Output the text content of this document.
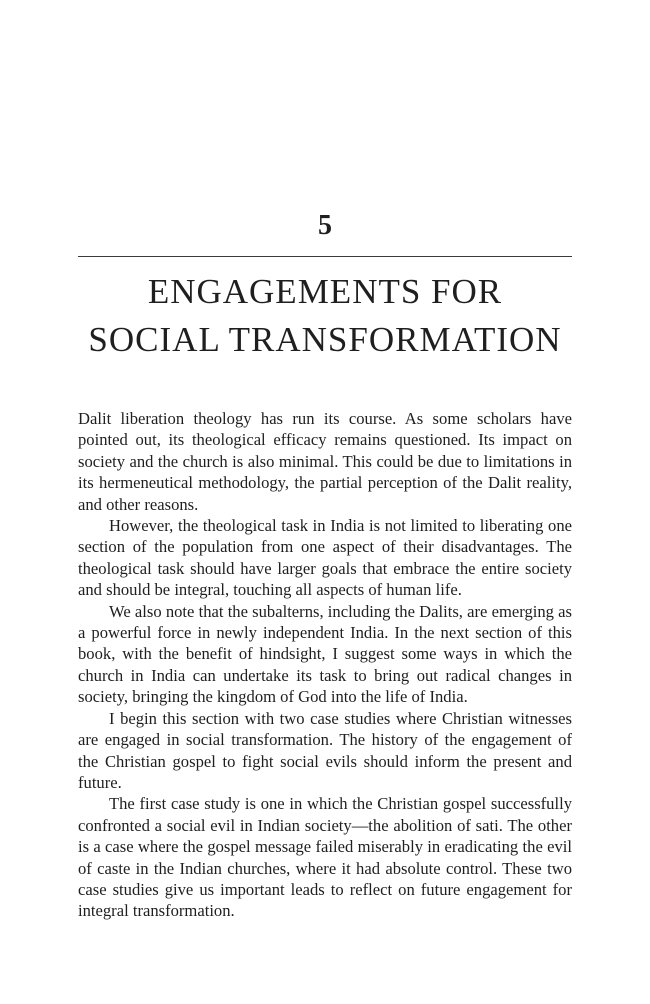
5
ENGAGEMENTS FOR
SOCIAL TRANSFORMATION

Dalit liberation theology has run its course. As some scholars have pointed out, its theological efficacy remains questioned. Its impact on society and the church is also minimal. This could be due to limitations in its hermeneutical methodology, the partial perception of the Dalit reality, and other reasons.

However, the theological task in India is not limited to liberating one section of the population from one aspect of their disadvantages. The theological task should have larger goals that embrace the entire society and should be integral, touching all aspects of human life.

We also note that the subalterns, including the Dalits, are emerging as a powerful force in newly independent India. In the next section of this book, with the benefit of hindsight, I suggest some ways in which the church in India can undertake its task to bring out radical changes in society, bringing the kingdom of God into the life of India.

I begin this section with two case studies where Christian witnesses are engaged in social transformation. The history of the engagement of the Christian gospel to fight social evils should inform the present and future.

The first case study is one in which the Christian gospel successfully confronted a social evil in Indian society—the abolition of sati. The other is a case where the gospel message failed miserably in eradicating the evil of caste in the Indian churches, where it had absolute control. These two case studies give us important leads to reflect on future engagement for integral transformation.
